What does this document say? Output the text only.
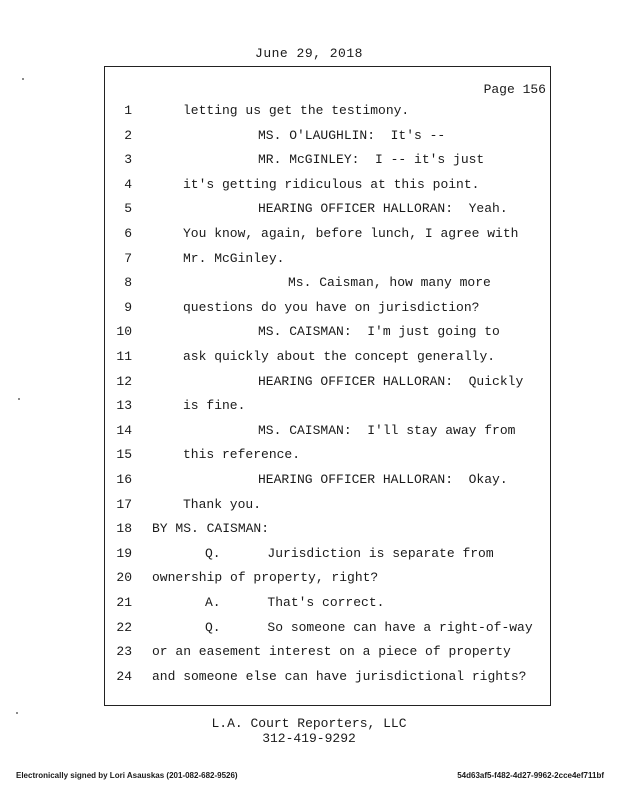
June 29, 2018
Page 156
1	letting us get the testimony.
2	MS. O'LAUGHLIN:  It's --
3	MR. McGINLEY:  I -- it's just
4	it's getting ridiculous at this point.
5	HEARING OFFICER HALLORAN:  Yeah.
6	You know, again, before lunch, I agree with
7	Mr. McGinley.
8	Ms. Caisman, how many more
9	questions do you have on jurisdiction?
10	MS. CAISMAN:  I'm just going to
11	ask quickly about the concept generally.
12	HEARING OFFICER HALLORAN:  Quickly
13	is fine.
14	MS. CAISMAN:  I'll stay away from
15	this reference.
16	HEARING OFFICER HALLORAN:  Okay.
17	Thank you.
18 BY MS. CAISMAN:
19	Q.      Jurisdiction is separate from
20 ownership of property, right?
21	A.      That's correct.
22	Q.      So someone can have a right-of-way
23 or an easement interest on a piece of property
24 and someone else can have jurisdictional rights?
L.A. Court Reporters, LLC
312-419-9292
Electronically signed by Lori Asauskas (201-082-682-9526)	54d63af5-f482-4d27-9962-2cce4ef711bf
